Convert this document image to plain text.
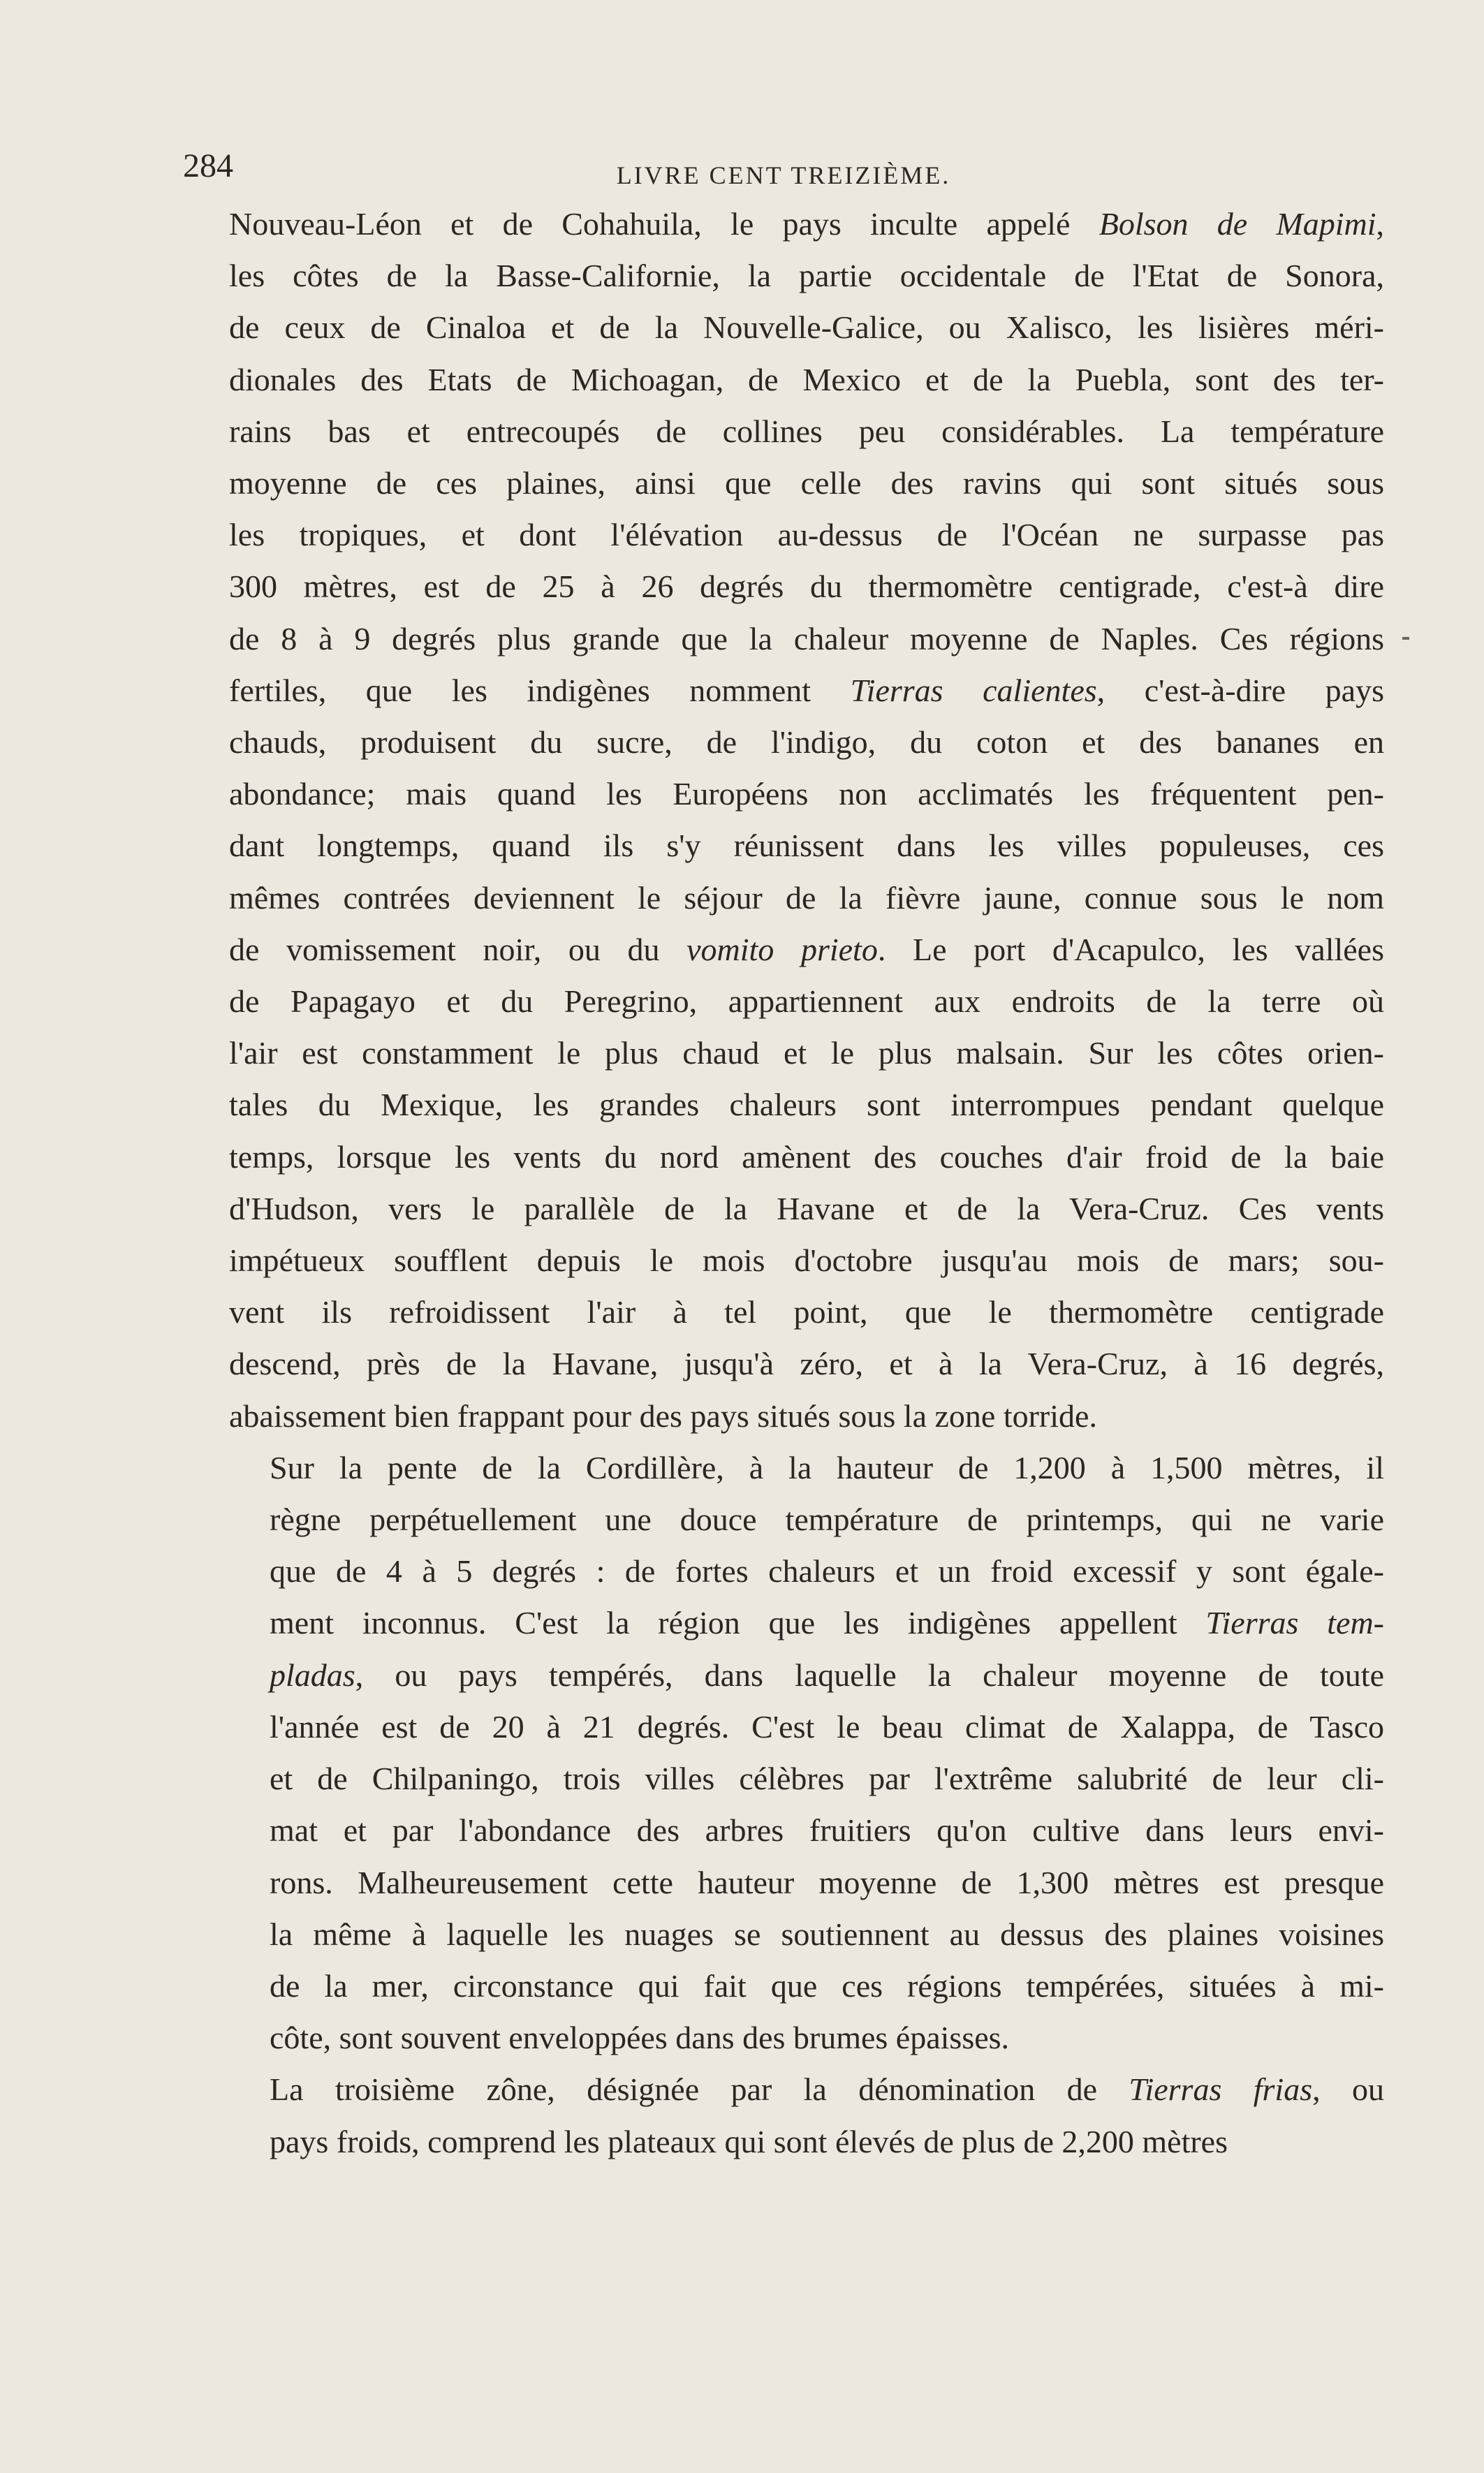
284	LIVRE CENT TREIZIÈME.
Nouveau-Léon et de Cohahuila, le pays inculte appelé Bolson de Mapimi,
les côtes de la Basse-Californie, la partie occidentale de l'Etat de Sonora,
de ceux de Cinaloa et de la Nouvelle-Galice, ou Xalisco, les lisières méri-
dionales des Etats de Michoagan, de Mexico et de la Puebla, sont des ter-
rains bas et entrecoupés de collines peu considérables. La température
moyenne de ces plaines, ainsi que celle des ravins qui sont situés sous
les tropiques, et dont l'élévation au-dessus de l'Océan ne surpasse pas
300 mètres, est de 25 à 26 degrés du thermomètre centigrade, c'est-à dire
de 8 à 9 degrés plus grande que la chaleur moyenne de Naples. Ces régions
fertiles, que les indigènes nomment Tierras calientes, c'est-à-dire pays
chauds, produisent du sucre, de l'indigo, du coton et des bananes en
abondance; mais quand les Européens non acclimatés les fréquentent pen-
dant longtemps, quand ils s'y réunissent dans les villes populeuses, ces
mêmes contrées deviennent le séjour de la fièvre jaune, connue sous le nom
de vomissement noir, ou du vomito prieto. Le port d'Acapulco, les vallées
de Papagayo et du Peregrino, appartiennent aux endroits de la terre où
l'air est constamment le plus chaud et le plus malsain. Sur les côtes orien-
tales du Mexique, les grandes chaleurs sont interrompues pendant quelque
temps, lorsque les vents du nord amènent des couches d'air froid de la baie
d'Hudson, vers le parallèle de la Havane et de la Vera-Cruz. Ces vents
impétueux soufflent depuis le mois d'octobre jusqu'au mois de mars; sou-
vent ils refroidissent l'air à tel point, que le thermomètre centigrade
descend, près de la Havane, jusqu'à zéro, et à la Vera-Cruz, à 16 degrés,
abaissement bien frappant pour des pays situés sous la zone torride.
Sur la pente de la Cordillère, à la hauteur de 1,200 à 1,500 mètres, il
règne perpétuellement une douce température de printemps, qui ne varie
que de 4 à 5 degrés : de fortes chaleurs et un froid excessif y sont égale-
ment inconnus. C'est la région que les indigènes appellent Tierras tem-
pladas, ou pays tempérés, dans laquelle la chaleur moyenne de toute
l'année est de 20 à 21 degrés. C'est le beau climat de Xalappa, de Tasco
et de Chilpaningo, trois villes célèbres par l'extrême salubrité de leur cli-
mat et par l'abondance des arbres fruitiers qu'on cultive dans leurs envi-
rons. Malheureusement cette hauteur moyenne de 1,300 mètres est presque
la même à laquelle les nuages se soutiennent au dessus des plaines voisines
de la mer, circonstance qui fait que ces régions tempérées, situées à mi-
côte, sont souvent enveloppées dans des brumes épaisses.
La troisième zône, désignée par la dénomination de Tierras frias, ou
pays froids, comprend les plateaux qui sont élevés de plus de 2,200 mètres
